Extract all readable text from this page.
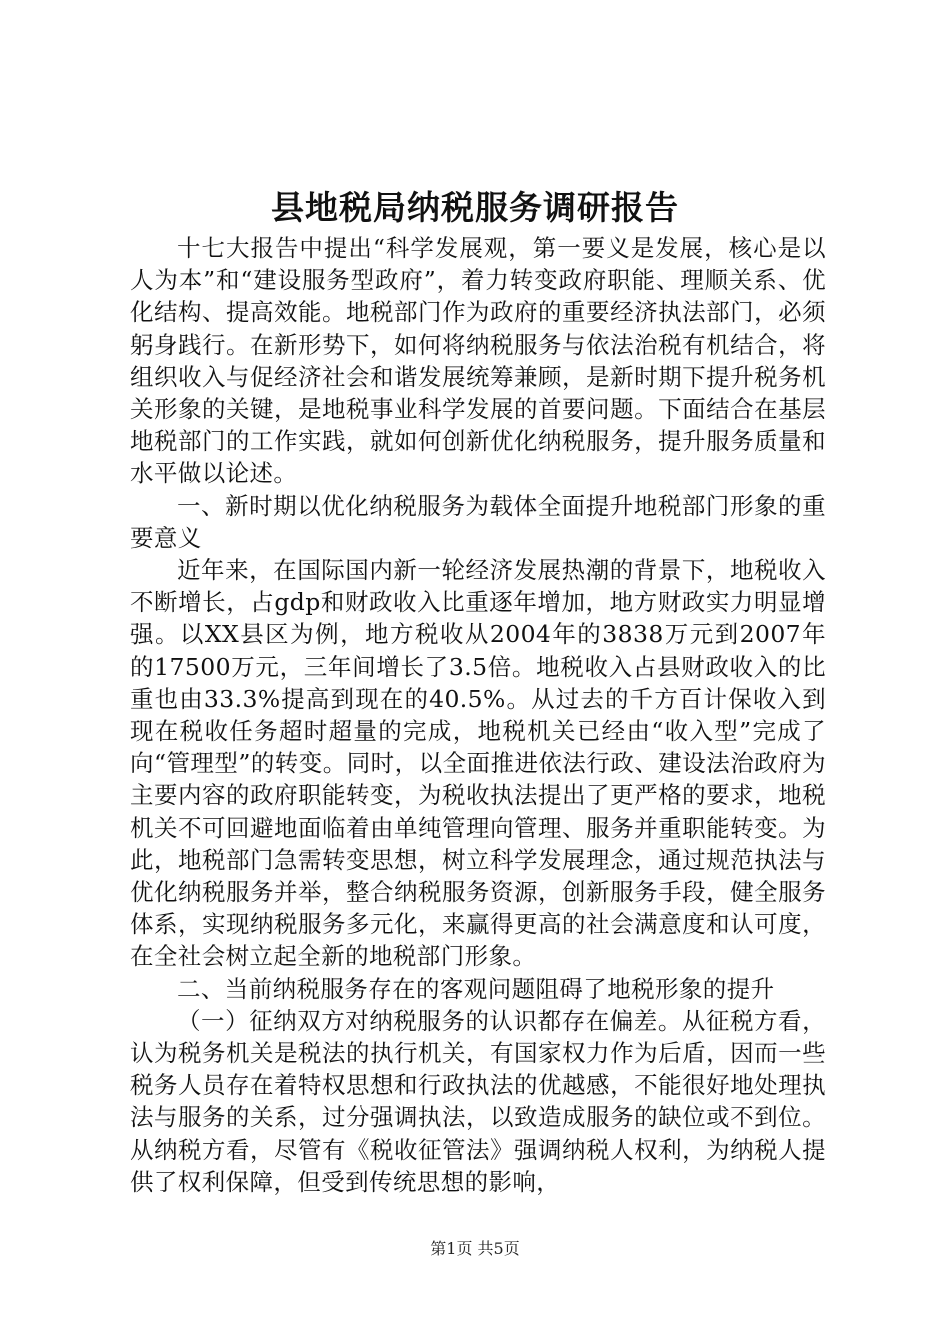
县地税局纳税服务调研报告

十七大报告中提出“科学发展观，第一要义是发展，核心是以人为本”和“建设服务型政府”，着力转变政府职能、理顺关系、优化结构、提高效能。地税部门作为政府的重要经济执法部门，必须躬身践行。在新形势下，如何将纳税服务与依法治税有机结合，将组织收入与促经济社会和谐发展统筹兼顾，是新时期下提升税务机关形象的关键，是地税事业科学发展的首要问题。下面结合在基层地税部门的工作实践，就如何创新优化纳税服务，提升服务质量和水平做以论述。

一、新时期以优化纳税服务为载体全面提升地税部门形象的重要意义

近年来，在国际国内新一轮经济发展热潮的背景下，地税收入不断增长，占gdp和财政收入比重逐年增加，地方财政实力明显增强。以XX县区为例，地方税收从2004年的3838万元到2007年的17500万元，三年间增长了3.5倍。地税收入占县财政收入的比重也由33.3%提高到现在的40.5%。从过去的千方百计保收入到现在税收任务超时超量的完成，地税机关已经由“收入型”完成了向“管理型”的转变。同时，以全面推进依法行政、建设法治政府为主要内容的政府职能转变，为税收执法提出了更严格的要求，地税机关不可回避地面临着由单纯管理向管理、服务并重职能转变。为此，地税部门急需转变思想，树立科学发展理念，通过规范执法与优化纳税服务并举，整合纳税服务资源，创新服务手段，健全服务体系，实现纳税服务多元化，来赢得更高的社会满意度和认可度，在全社会树立起全新的地税部门形象。

二、当前纳税服务存在的客观问题阻碍了地税形象的提升

（一）征纳双方对纳税服务的认识都存在偏差。从征税方看，认为税务机关是税法的执行机关，有国家权力作为后盾，因而一些税务人员存在着特权思想和行政执法的优越感，不能很好地处理执法与服务的关系，过分强调执法，以致造成服务的缺位或不到位。从纳税方看，尽管有《税收征管法》强调纳税人权利，为纳税人提供了权利保障，但受到传统思想的影响，

第1页 共5页
